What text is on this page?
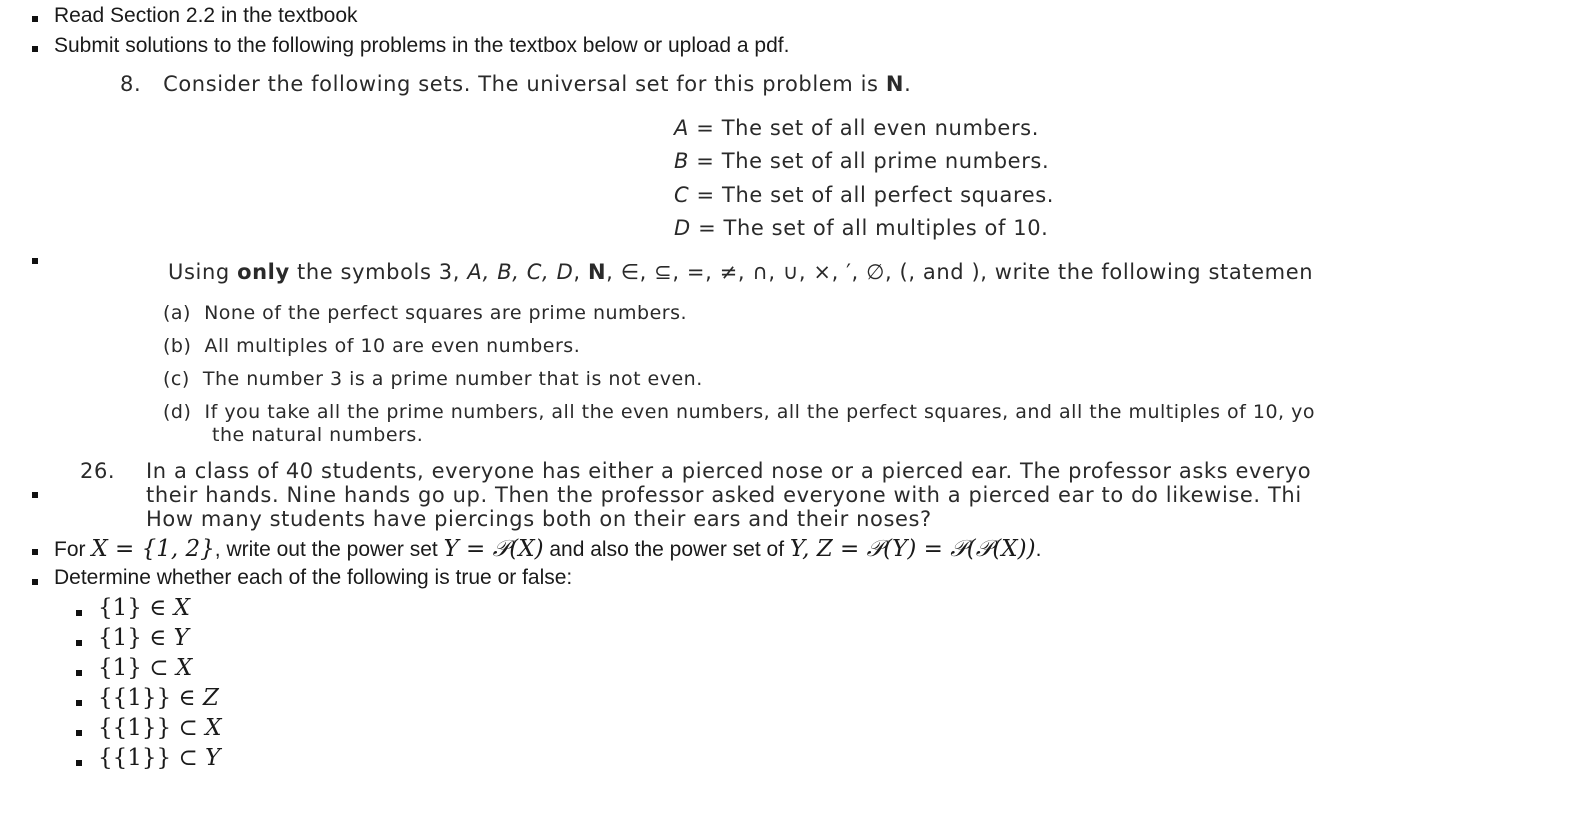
Read Section 2.2 in the textbook
Submit solutions to the following problems in the textbox below or upload a pdf.
8. Consider the following sets. The universal set for this problem is N.
A = The set of all even numbers.
B = The set of all prime numbers.
C = The set of all perfect squares.
D = The set of all multiples of 10.
Using only the symbols 3, A, B, C, D, N, ∈, ⊆, =, ≠, ∩, ∪, ×, ′, ∅, (, and ), write the following statemen
(a) None of the perfect squares are prime numbers.
(b) All multiples of 10 are even numbers.
(c) The number 3 is a prime number that is not even.
(d) If you take all the prime numbers, all the even numbers, all the perfect squares, and all the multiples of 10, yo
the natural numbers.
26. In a class of 40 students, everyone has either a pierced nose or a pierced ear. The professor asks everyo
their hands. Nine hands go up. Then the professor asked everyone with a pierced ear to do likewise. Thi
How many students have piercings both on their ears and their noses?
For X = {1, 2}, write out the power set Y = 𝒫(X) and also the power set of Y, Z = 𝒫(Y) = 𝒫(𝒫(X)).
Determine whether each of the following is true or false:
{1} ∈ X
{1} ∈ Y
{1} ⊂ X
{{1}} ∈ Z
{{1}} ⊂ X
{{1}} ⊂ Y
